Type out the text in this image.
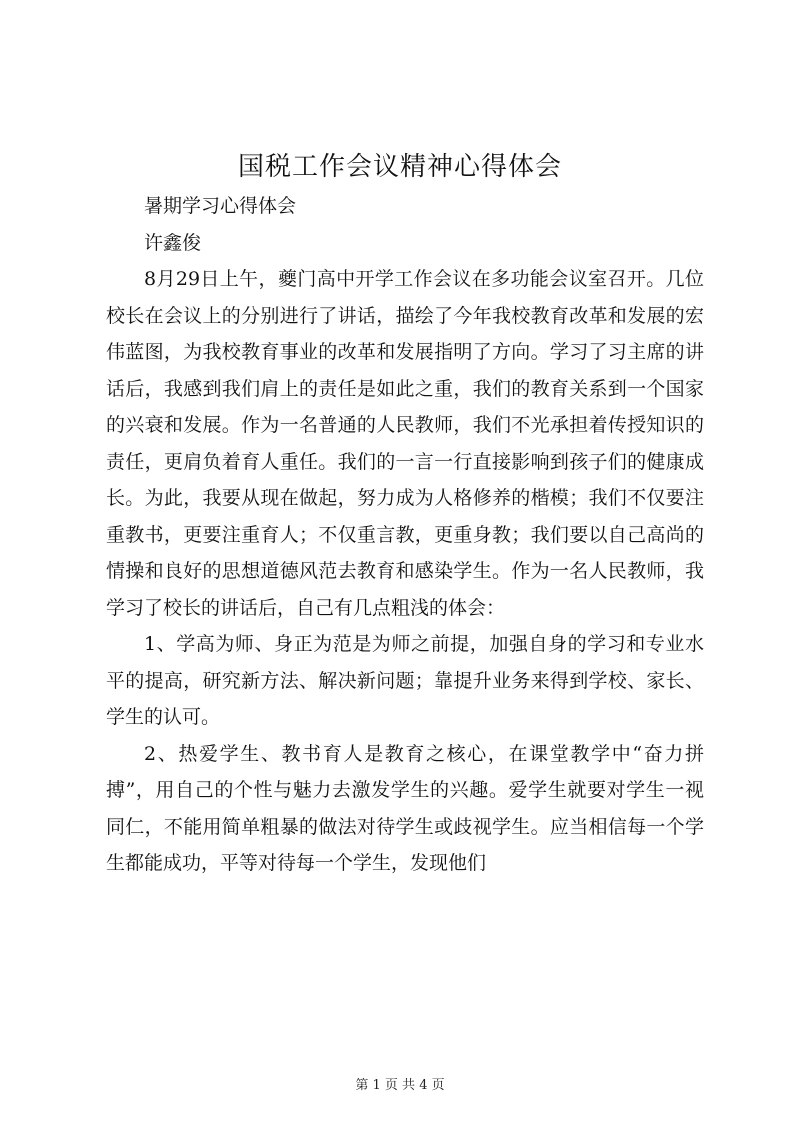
国税工作会议精神心得体会

暑期学习心得体会

许鑫俊

8月29日上午，夔门高中开学工作会议在多功能会议室召开。几位校长在会议上的分别进行了讲话，描绘了今年我校教育改革和发展的宏伟蓝图，为我校教育事业的改革和发展指明了方向。学习了习主席的讲话后，我感到我们肩上的责任是如此之重，我们的教育关系到一个国家的兴衰和发展。作为一名普通的人民教师，我们不光承担着传授知识的责任，更肩负着育人重任。我们的一言一行直接影响到孩子们的健康成长。为此，我要从现在做起，努力成为人格修养的楷模；我们不仅要注重教书，更要注重育人；不仅重言教，更重身教；我们要以自己高尚的情操和良好的思想道德风范去教育和感染学生。作为一名人民教师，我学习了校长的讲话后，自己有几点粗浅的体会：

1、学高为师、身正为范是为师之前提，加强自身的学习和专业水平的提高，研究新方法、解决新问题；靠提升业务来得到学校、家长、学生的认可。

2、热爱学生、教书育人是教育之核心，在课堂教学中“奋力拼搏”，用自己的个性与魅力去激发学生的兴趣。爱学生就要对学生一视同仁，不能用简单粗暴的做法对待学生或歧视学生。应当相信每一个学生都能成功，平等对待每一个学生，发现他们

第 1 页 共 4 页
